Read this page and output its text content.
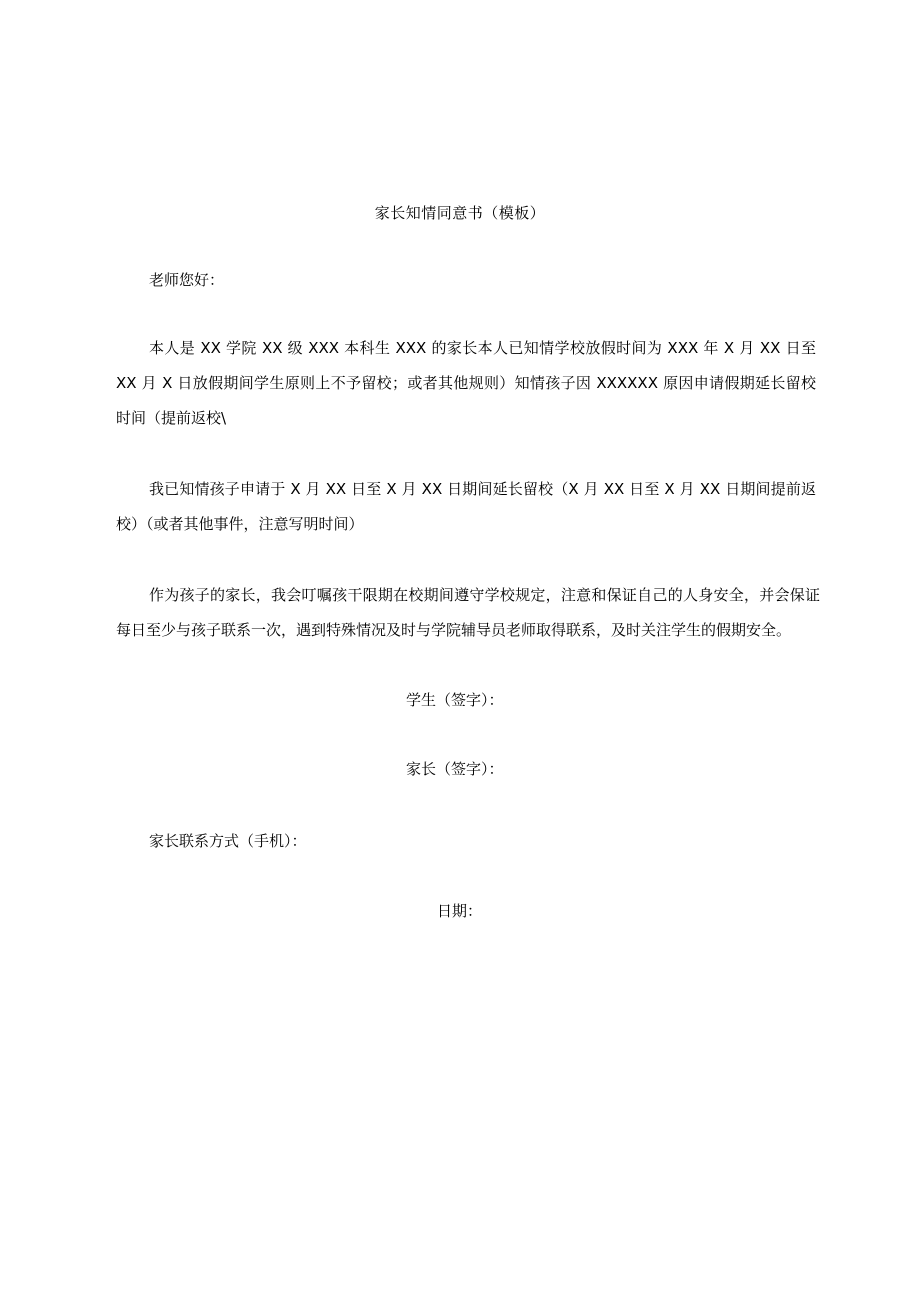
家长知情同意书（模板）
老师您好：
本人是 XX 学院 XX 级 XXX 本科生 XXX 的家长本人已知情学校放假时间为 XXX 年 X 月 XX 日至 XX 月 X 日放假期间学生原则上不予留校；或者其他规则）知情孩子因 XXXXXX 原因申请假期延长留校时间（提前返校\
我已知情孩子申请于 X 月 XX 日至 X 月 XX 日期间延长留校（X 月 XX 日至 X 月 XX 日期间提前返校）（或者其他事件，注意写明时间）
作为孩子的家长，我会叮嘱孩干限期在校期间遵守学校规定，注意和保证自己的人身安全，并会保证每日至少与孩子联系一次，遇到特殊情况及时与学院辅导员老师取得联系，及时关注学生的假期安全。
学生（签字）：
家长（签字）：
家长联系方式（手机）：
日期：
